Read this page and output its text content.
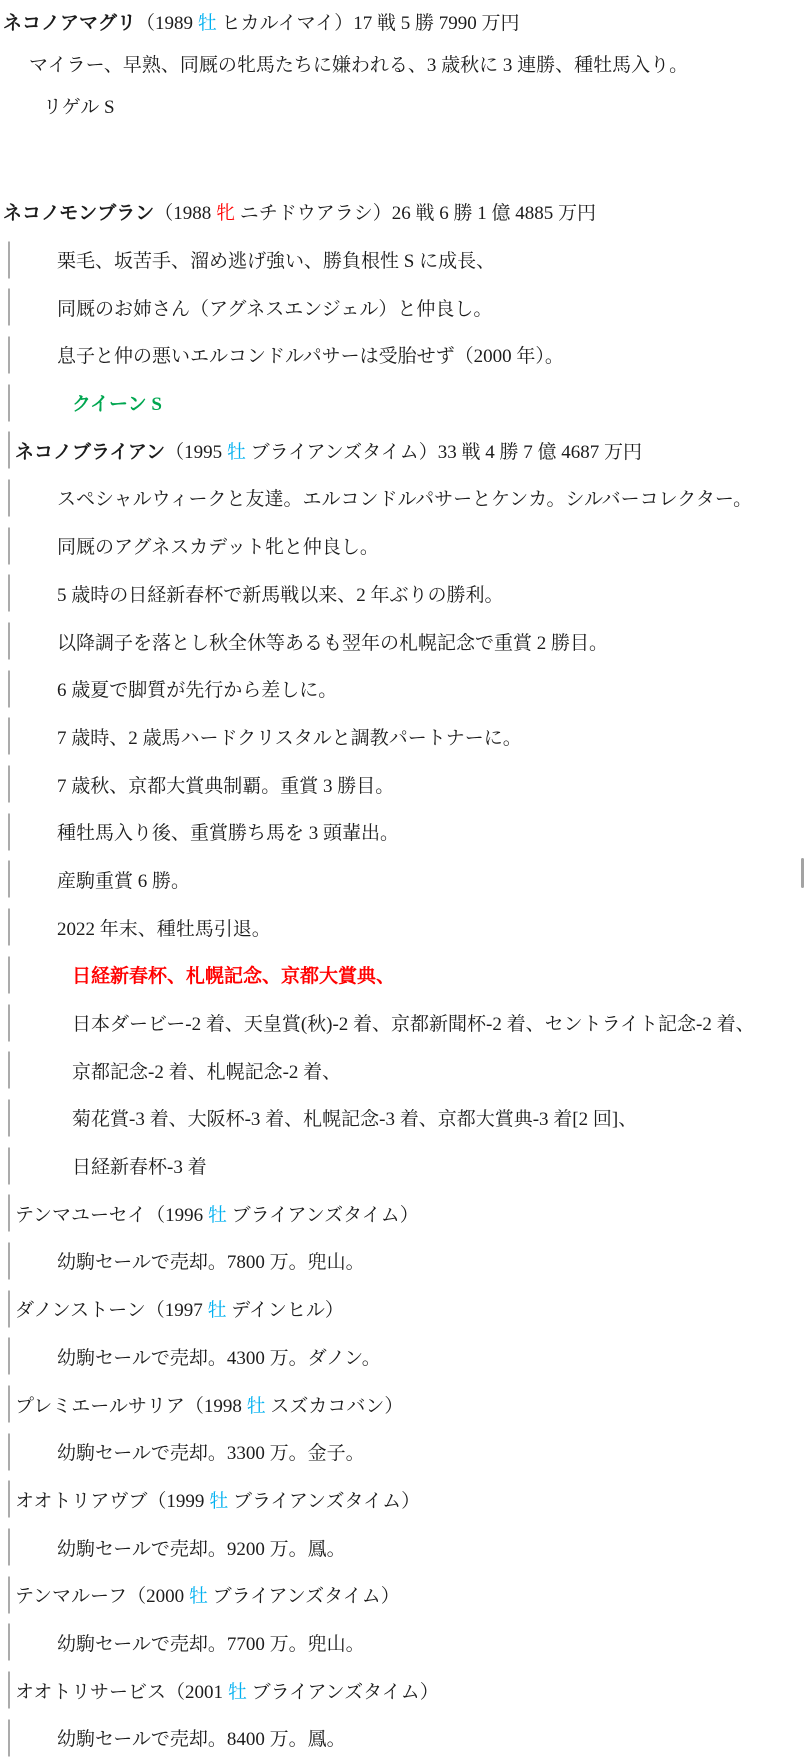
ネコノアマグリ （1989 牡 ヒカルイマイ）17 戦 5 勝 7990 万円
マイラー、早熟、同厩の牝馬たちに嫌われる、3 歳秋に 3 連勝、種牡馬入り。
リゲル S
ネコノモンブラン （1988 牝 ニチドウアラシ）26 戦 6 勝 1 億 4885 万円
栗毛、坂苦手、溜め逃げ強い、勝負根性 S に成長、
同厩のお姉さん（アグネスエンジェル）と仲良し。
息子と仲の悪いエルコンドルパサーは受胎せず（2000 年）。
クイーン S
ネコノブライアン （1995 牡 ブライアンズタイム）33 戦 4 勝 7 億 4687 万円
スペシャルウィークと友達。エルコンドルパサーとケンカ。シルバーコレクター。
同厩のアグネスカデット牝と仲良し。
5 歳時の日経新春杯で新馬戦以来、2 年ぶりの勝利。
以降調子を落とし秋全休等あるも翌年の札幌記念で重賞 2 勝目。
6 歳夏で脚質が先行から差しに。
7 歳時、2 歳馬ハードクリスタルと調教パートナーに。
7 歳秋、京都大賞典制覇。重賞 3 勝目。
種牡馬入り後、重賞勝ち馬を 3 頭輩出。
産駒重賞 6 勝。
2022 年末、種牡馬引退。
日経新春杯、札幌記念、京都大賞典、
日本ダービー-2 着、天皇賞(秋)-2 着、京都新聞杯-2 着、セントライト記念-2 着、
京都記念-2 着、札幌記念-2 着、
菊花賞-3 着、大阪杯-3 着、札幌記念-3 着、京都大賞典-3 着[2 回]、
日経新春杯-3 着
テンマユーセイ（1996 牡 ブライアンズタイム）
幼駒セールで売却。7800 万。兜山。
ダノンストーン（1997 牡 デインヒル）
幼駒セールで売却。4300 万。ダノン。
プレミエールサリア（1998 牡 スズカコバン）
幼駒セールで売却。3300 万。金子。
オオトリアヴブ（1999 牡 ブライアンズタイム）
幼駒セールで売却。9200 万。鳳。
テンマルーフ（2000 牡 ブライアンズタイム）
幼駒セールで売却。7700 万。兜山。
オオトリサービス（2001 牡 ブライアンズタイム）
幼駒セールで売却。8400 万。鳳。
